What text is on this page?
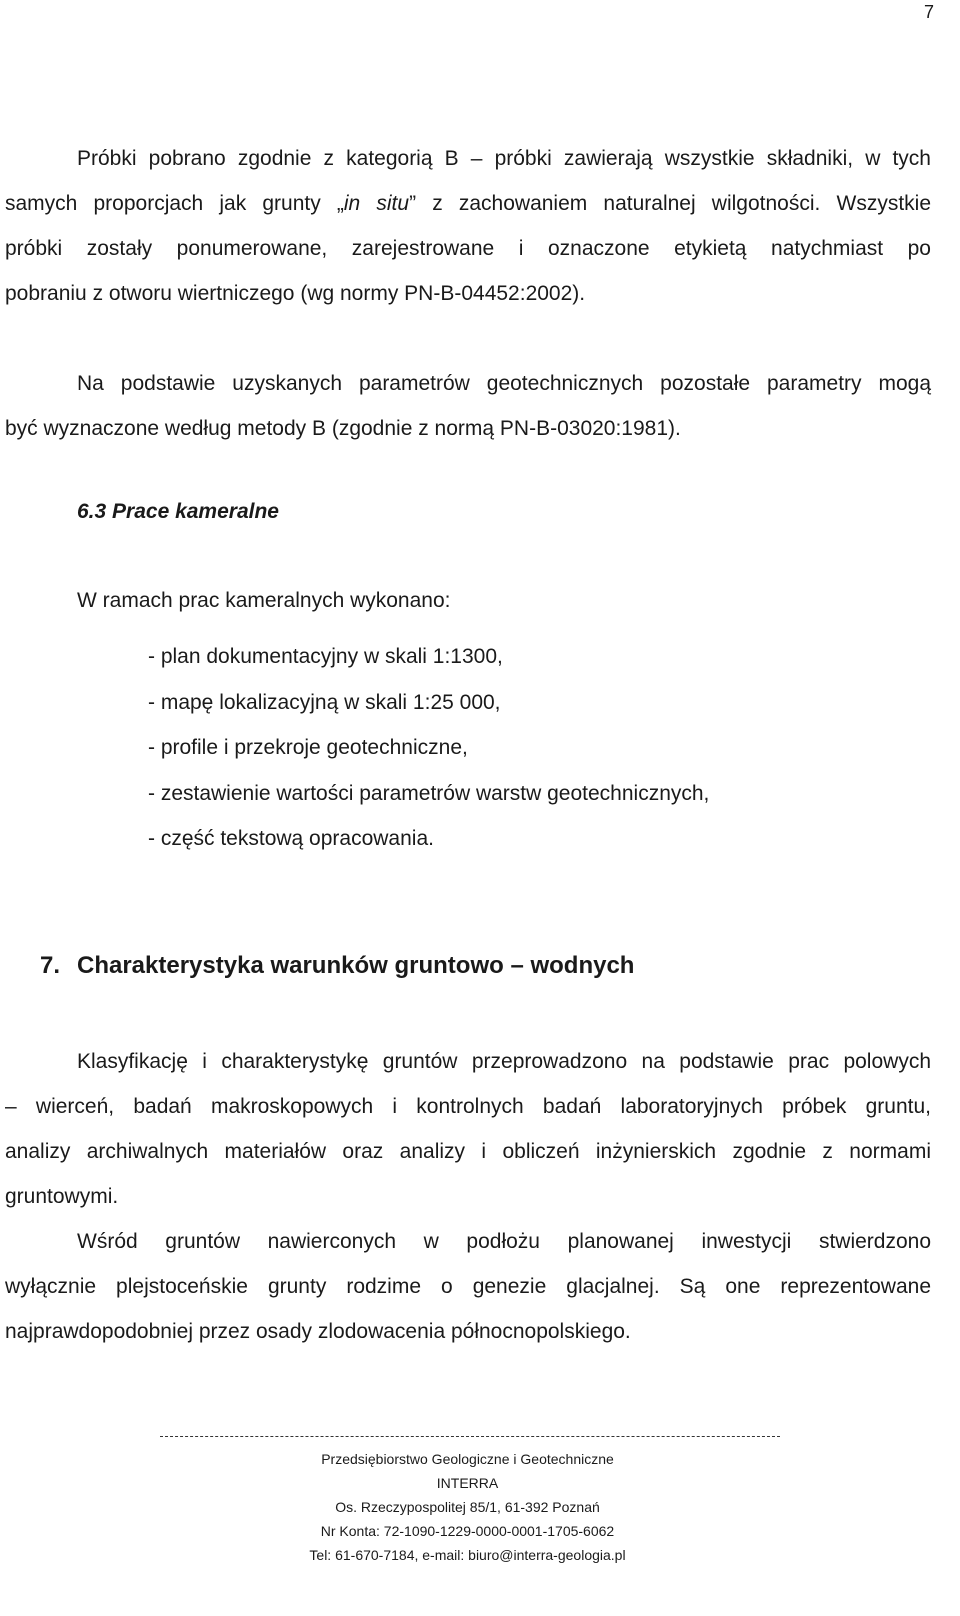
7

Próbki pobrano zgodnie z kategorią B – próbki zawierają wszystkie składniki, w tych
samych proporcjach jak grunty „in situ” z zachowaniem naturalnej wilgotności. Wszystkie
próbki zostały ponumerowane, zarejestrowane i oznaczone etykietą natychmiast po
pobraniu z otworu wiertniczego (wg normy PN-B-04452:2002).

Na podstawie uzyskanych parametrów geotechnicznych pozostałe parametry mogą
być wyznaczone według metody B (zgodnie z normą PN-B-03020:1981).

6.3 Prace kameralne

W ramach prac kameralnych wykonano:

- plan dokumentacyjny w skali 1:1300,
- mapę lokalizacyjną w skali 1:25 000,
- profile i przekroje geotechniczne,
- zestawienie wartości parametrów warstw geotechnicznych,
- część tekstową opracowania.
7. Charakterystyka warunków gruntowo – wodnych

Klasyfikację i charakterystykę gruntów przeprowadzono na podstawie prac polowych
– wierceń, badań makroskopowych i kontrolnych badań laboratoryjnych próbek gruntu,
analizy archiwalnych materiałów oraz analizy i obliczeń inżynierskich zgodnie z normami
gruntowymi.

Wśród gruntów nawierconych w podłożu planowanej inwestycji stwierdzono
wyłącznie plejstoceńskie grunty rodzime o genezie glacjalnej. Są one reprezentowane
najprawdopodobniej przez osady zlodowacenia północnopolskiego.

Przedsiębiorstwo Geologiczne i Geotechniczne
INTERRA
Os. Rzeczypospolitej 85/1, 61-392 Poznań
Nr Konta: 72-1090-1229-0000-0001-1705-6062
Tel: 61-670-7184, e-mail: biuro@interra-geologia.pl
